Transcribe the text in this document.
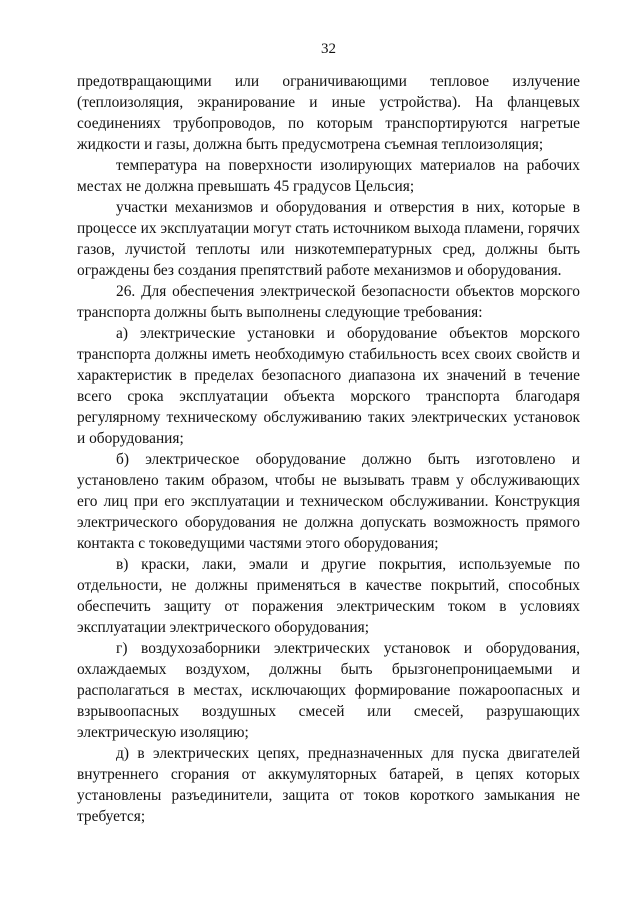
32

предотвращающими или ограничивающими тепловое излучение (теплоизоляция, экранирование и иные устройства). На фланцевых соединениях трубопроводов, по которым транспортируются нагретые жидкости и газы, должна быть предусмотрена съемная теплоизоляция;

температура на поверхности изолирующих материалов на рабочих местах не должна превышать 45 градусов Цельсия;

участки механизмов и оборудования и отверстия в них, которые в процессе их эксплуатации могут стать источником выхода пламени, горячих газов, лучистой теплоты или низкотемпературных сред, должны быть ограждены без создания препятствий работе механизмов и оборудования.

26. Для обеспечения электрической безопасности объектов морского транспорта должны быть выполнены следующие требования:

а) электрические установки и оборудование объектов морского транспорта должны иметь необходимую стабильность всех своих свойств и характеристик в пределах безопасного диапазона их значений в течение всего срока эксплуатации объекта морского транспорта благодаря регулярному техническому обслуживанию таких электрических установок и оборудования;

б) электрическое оборудование должно быть изготовлено и установлено таким образом, чтобы не вызывать травм у обслуживающих его лиц при его эксплуатации и техническом обслуживании. Конструкция электрического оборудования не должна допускать возможность прямого контакта с токоведущими частями этого оборудования;

в) краски, лаки, эмали и другие покрытия, используемые по отдельности, не должны применяться в качестве покрытий, способных обеспечить защиту от поражения электрическим током в условиях эксплуатации электрического оборудования;

г) воздухозаборники электрических установок и оборудования, охлаждаемых воздухом, должны быть брызгонепроницаемыми и располагаться в местах, исключающих формирование пожароопасных и взрывоопасных воздушных смесей или смесей, разрушающих электрическую изоляцию;

д) в электрических цепях, предназначенных для пуска двигателей внутреннего сгорания от аккумуляторных батарей, в цепях которых установлены разъединители, защита от токов короткого замыкания не требуется;
